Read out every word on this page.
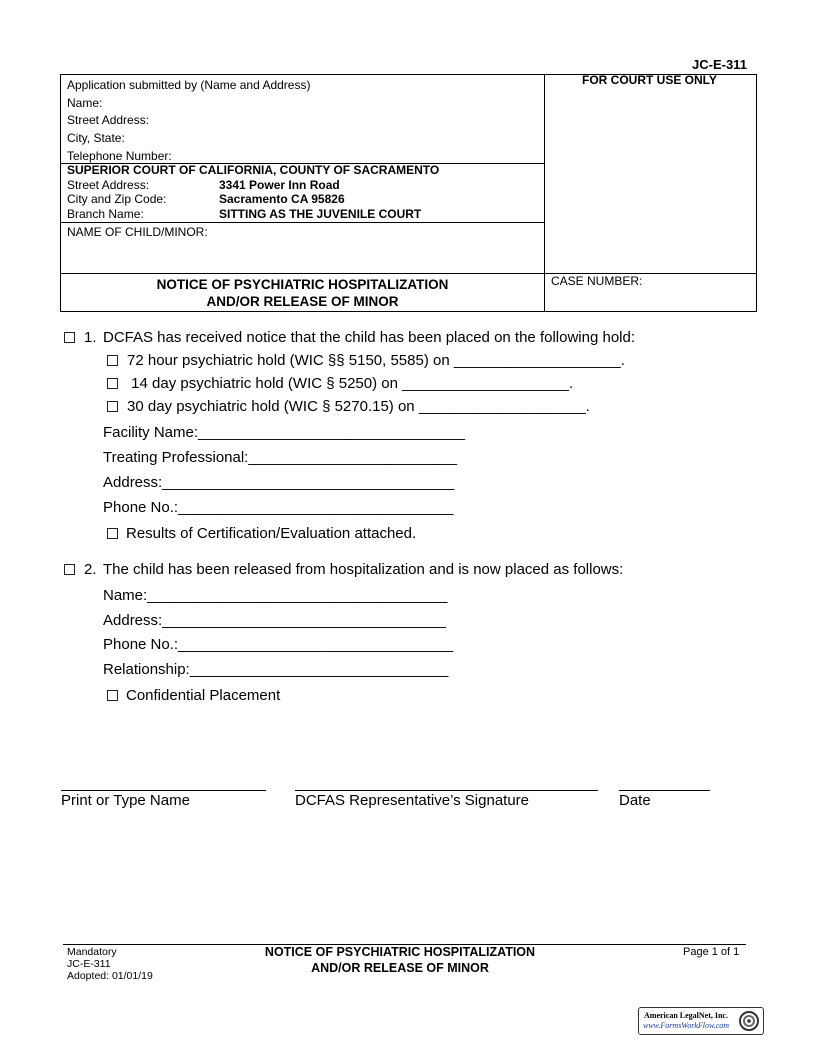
JC-E-311
Application submitted by (Name and Address)
Name:
Street Address:
City, State:
Telephone Number:
FOR COURT USE ONLY
SUPERIOR COURT OF CALIFORNIA, COUNTY OF SACRAMENTO
Street Address:	3341 Power Inn Road
City and Zip Code:	Sacramento CA 95826
Branch Name:	SITTING AS THE JUVENILE COURT
NAME OF CHILD/MINOR:
NOTICE OF PSYCHIATRIC HOSPITALIZATION
AND/OR RELEASE OF MINOR
CASE NUMBER:
1. DCFAS has received notice that the child has been placed on the following hold:
72 hour psychiatric hold (WIC §§ 5150, 5585) on ____________________.
14 day psychiatric hold (WIC § 5250) on ____________________.
30 day psychiatric hold (WIC § 5270.15) on ____________________.
Facility Name:________________________________
Treating Professional:_________________________
Address:___________________________________
Phone No.:_________________________________
Results of Certification/Evaluation attached.
2. The child has been released from hospitalization and is now placed as follows:
Name:____________________________________
Address:__________________________________
Phone No.:_________________________________
Relationship:_______________________________
Confidential Placement
Print or Type Name	DCFAS Representative’s Signature	Date
Mandatory
JC-E-311
Adopted: 01/01/19
NOTICE OF PSYCHIATRIC HOSPITALIZATION
AND/OR RELEASE OF MINOR
Page 1 of 1
American LegalNet, Inc.
www.FormsWorkFlow.com
